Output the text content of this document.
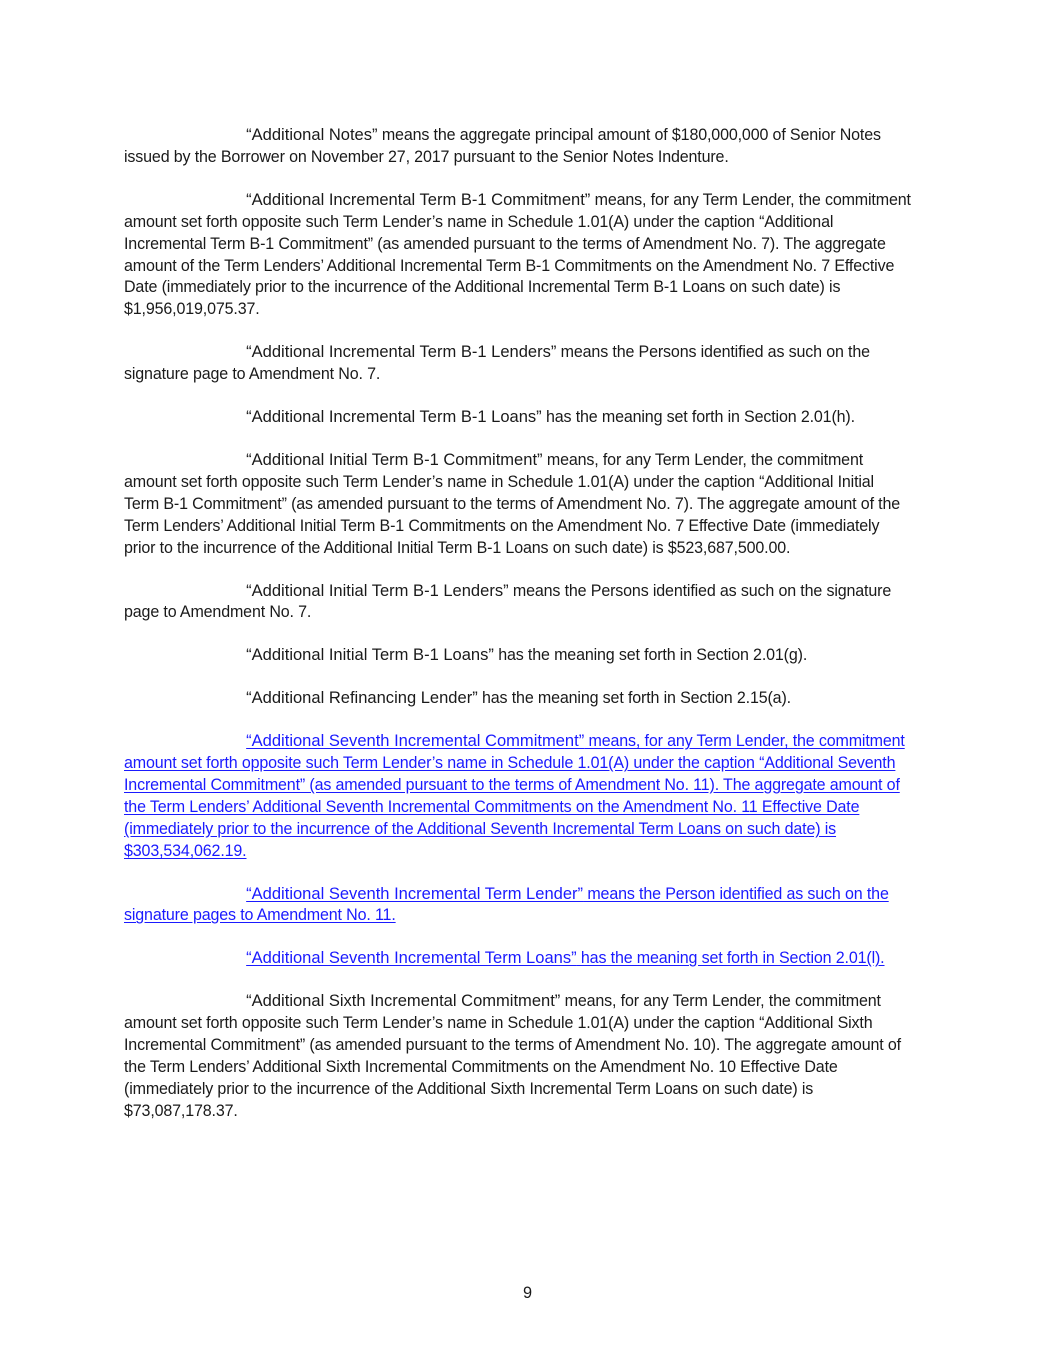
“Additional Notes” means the aggregate principal amount of $180,000,000 of Senior Notes issued by the Borrower on November 27, 2017 pursuant to the Senior Notes Indenture.

“Additional Incremental Term B-1 Commitment” means, for any Term Lender, the commitment amount set forth opposite such Term Lender’s name in Schedule 1.01(A) under the caption “Additional Incremental Term B-1 Commitment” (as amended pursuant to the terms of Amendment No. 7). The aggregate amount of the Term Lenders’ Additional Incremental Term B-1 Commitments on the Amendment No. 7 Effective Date (immediately prior to the incurrence of the Additional Incremental Term B-1 Loans on such date) is $1,956,019,075.37.

“Additional Incremental Term B-1 Lenders” means the Persons identified as such on the signature page to Amendment No. 7.

“Additional Incremental Term B-1 Loans” has the meaning set forth in Section 2.01(h).

“Additional Initial Term B-1 Commitment” means, for any Term Lender, the commitment amount set forth opposite such Term Lender’s name in Schedule 1.01(A) under the caption “Additional Initial Term B-1 Commitment” (as amended pursuant to the terms of Amendment No. 7). The aggregate amount of the Term Lenders’ Additional Initial Term B-1 Commitments on the Amendment No. 7 Effective Date (immediately prior to the incurrence of the Additional Initial Term B-1 Loans on such date) is $523,687,500.00.

“Additional Initial Term B-1 Lenders” means the Persons identified as such on the signature page to Amendment No. 7.

“Additional Initial Term B-1 Loans” has the meaning set forth in Section 2.01(g).

“Additional Refinancing Lender” has the meaning set forth in Section 2.15(a).

“Additional Seventh Incremental Commitment” means, for any Term Lender, the commitment amount set forth opposite such Term Lender’s name in Schedule 1.01(A) under the caption “Additional Seventh Incremental Commitment” (as amended pursuant to the terms of Amendment No. 11). The aggregate amount of the Term Lenders’ Additional Seventh Incremental Commitments on the Amendment No. 11 Effective Date (immediately prior to the incurrence of the Additional Seventh Incremental Term Loans on such date) is $303,534,062.19.

“Additional Seventh Incremental Term Lender” means the Person identified as such on the signature pages to Amendment No. 11.

“Additional Seventh Incremental Term Loans” has the meaning set forth in Section 2.01(l).

“Additional Sixth Incremental Commitment” means, for any Term Lender, the commitment amount set forth opposite such Term Lender’s name in Schedule 1.01(A) under the caption “Additional Sixth Incremental Commitment” (as amended pursuant to the terms of Amendment No. 10). The aggregate amount of the Term Lenders’ Additional Sixth Incremental Commitments on the Amendment No. 10 Effective Date (immediately prior to the incurrence of the Additional Sixth Incremental Term Loans on such date) is $73,087,178.37.

9
